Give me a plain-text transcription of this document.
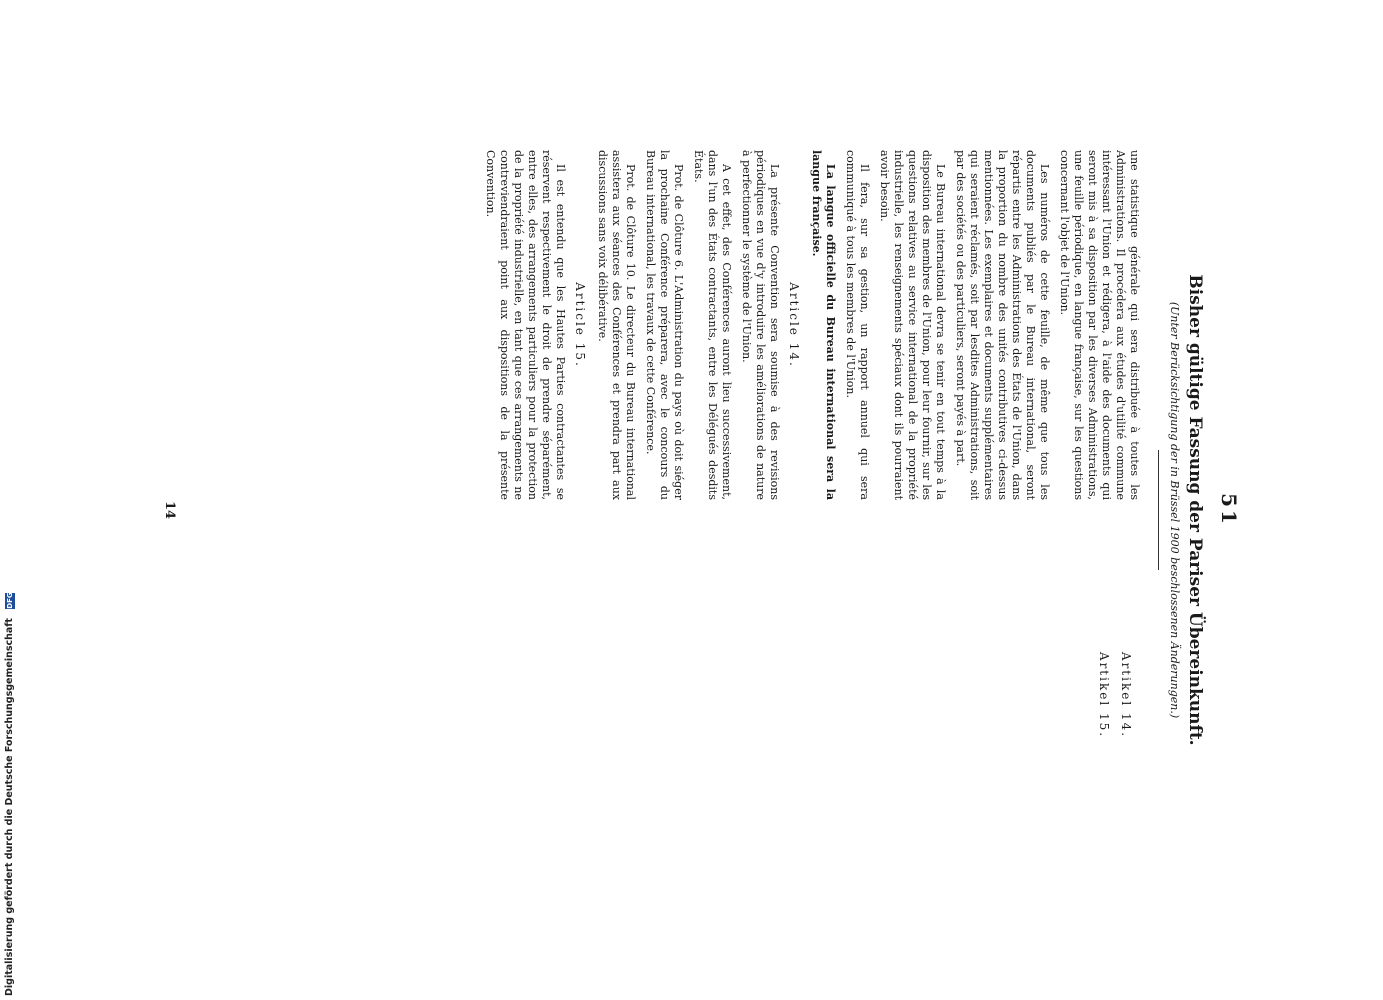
51
Bisher gültige Fassung der Pariser Übereinkunft.
(Unter Berücksichtigung der in Brüssel 1900 beschlossenen Änderungen.)

une statistique générale qui sera distribuée à toutes les Administrations. Il procédera aux études d'utilité commune intéressant l'Union et rédigera, à l'aide des documents qui seront mis à sa disposition par les diverses Administrations, une feuille périodique, en langue française, sur les questions concernant l'objet de l'Union.

Les numéros de cette feuille, de même que tous les documents publiés par le Bureau international, seront répartis entre les Administrations des États de l'Union, dans la proportion du nombre des unités contributives ci-dessus mentionnées. Les exemplaires et documents supplémentaires qui seraient réclamés, soit par lesdites Administrations, soit par des sociétés ou des particuliers, seront payés à part.

Le Bureau international devra se tenir en tout temps à la disposition des membres de l'Union, pour leur fournir, sur les questions relatives au service international de la propriété industrielle, les renseignements spéciaux dont ils pourraient avoir besoin.

Il fera, sur sa gestion, un rapport annuel qui sera communiqué à tous les membres de l'Union.

La langue officielle du Bureau international sera la langue française.

Article 14.

La présente Convention sera soumise à des revisions périodiques en vue d'y introduire les améliorations de nature à perfectionner le système de l'Union.

A cet effet, des Conférences auront lieu successivement, dans l'un des États contractants, entre les Délégués desdits États.

Prot. de Clôture 6. L'Administration du pays où doit siéger la prochaine Conférence préparera, avec le concours du Bureau international, les travaux de cette Conférence.

Prot. de Clôture 10. Le directeur du Bureau international assistera aux séances des Conférences et prendra part aux discussions sans voix délibérative.

Article 15.

Il est entendu que les Hautes Parties contractantes se réservent respectivement le droit de prendre séparément, entre elles, des arrangements particuliers pour la protection de la propriété industrielle, en tant que ces arrangements ne contreviendraient point aux dispositions de la présente Convention.

Artikel 14.
Artikel 15.
14
Digitalisierung gefördert durch die Deutsche Forschungsgemeinschaft DFG
